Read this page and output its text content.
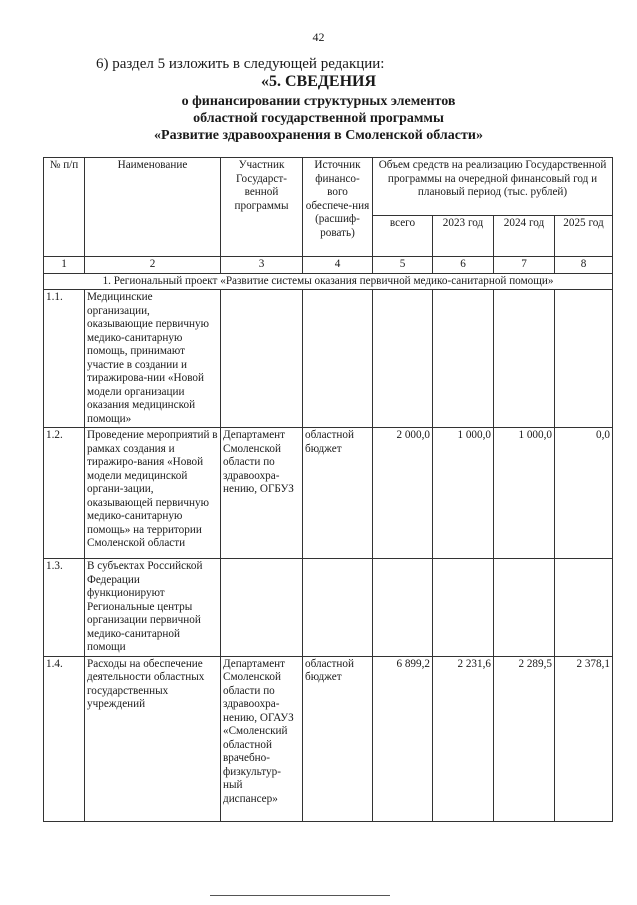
42
6) раздел 5 изложить в следующей редакции:
«5. СВЕДЕНИЯ
о финансировании структурных элементов
областной государственной программы
«Развитие здравоохранения в Смоленской области»
№ п/п	Наименование	Участник Государст-венной программы	Источник финансо-вого обеспече-ния (расшиф-ровать)	Объем средств на реализацию Государственной программы на очередной финансовый год и плановый период (тыс. рублей)			
				всего	2023 год	2024 год	2025 год
1	2	3	4	5	6	7	8
1. Региональный проект «Развитие системы оказания первичной медико-санитарной помощи»							
1.1.	Медицинские организации, оказывающие первичную медико-санитарную помощь, принимают участие в создании и тиражирова-нии «Новой модели организации оказания медицинской помощи»						
1.2.	Проведение мероприятий в рамках создания и тиражиро-вания «Новой модели медицинской органи-зации, оказывающей первичную медико-санитарную помощь» на территории Смоленской области	Департамент Смоленской области по здравоохра-нению, ОГБУЗ	областной бюджет	2 000,0	1 000,0	1 000,0	0,0
1.3.	В субъектах Российской Федерации функционируют Региональные центры организации первичной медико-санитарной помощи						
1.4.	Расходы на обеспечение деятельности областных государственных учреждений	Департамент Смоленской области по здравоохра-нению, ОГАУЗ «Смоленский областной врачебно-физкультур-ный диспансер»	областной бюджет	6 899,2	2 231,6	2 289,5	2 378,1
